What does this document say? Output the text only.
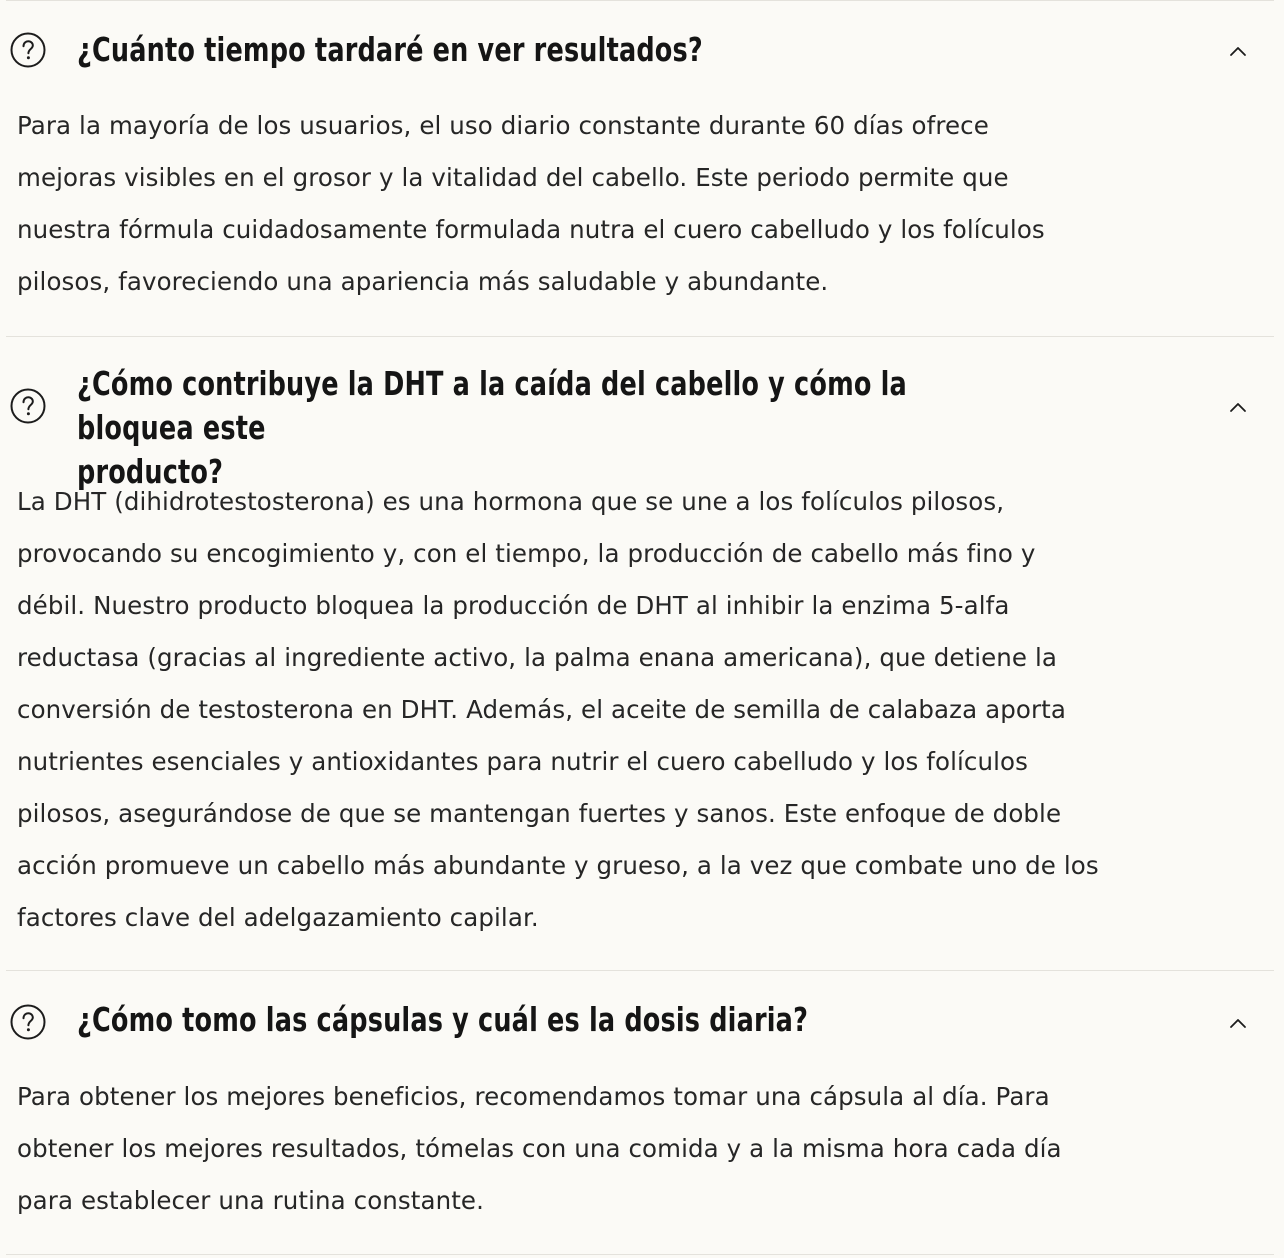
¿Cuánto tiempo tardaré en ver resultados?
Para la mayoría de los usuarios, el uso diario constante durante 60 días ofrece
mejoras visibles en el grosor y la vitalidad del cabello. Este periodo permite que
nuestra fórmula cuidadosamente formulada nutra el cuero cabelludo y los folículos
pilosos, favoreciendo una apariencia más saludable y abundante.
¿Cómo contribuye la DHT a la caída del cabello y cómo la bloquea este
producto?
La DHT (dihidrotestosterona) es una hormona que se une a los folículos pilosos,
provocando su encogimiento y, con el tiempo, la producción de cabello más fino y
débil. Nuestro producto bloquea la producción de DHT al inhibir la enzima 5-alfa
reductasa (gracias al ingrediente activo, la palma enana americana), que detiene la
conversión de testosterona en DHT. Además, el aceite de semilla de calabaza aporta
nutrientes esenciales y antioxidantes para nutrir el cuero cabelludo y los folículos
pilosos, asegurándose de que se mantengan fuertes y sanos. Este enfoque de doble
acción promueve un cabello más abundante y grueso, a la vez que combate uno de los
factores clave del adelgazamiento capilar.
¿Cómo tomo las cápsulas y cuál es la dosis diaria?
Para obtener los mejores beneficios, recomendamos tomar una cápsula al día. Para
obtener los mejores resultados, tómelas con una comida y a la misma hora cada día
para establecer una rutina constante.
